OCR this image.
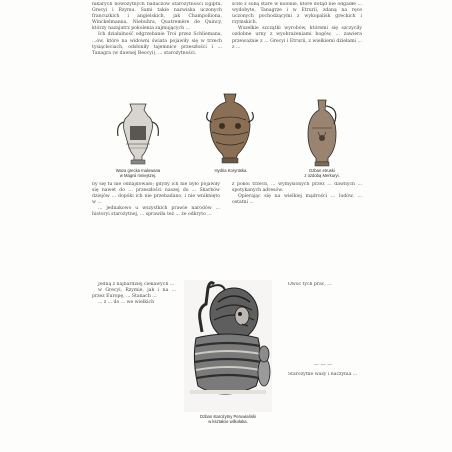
nikarych nowożytnych badaczów starożytności Egiptu, Grecyi i Rzymu. Sami takie nazwiska uczonych francuzkich i angielskich, jak Champolliona, Winckelmanna, Niebuhra, Quatremère de Quincy, którzy nazajutrz pokolenia zajmujących ...

Ich działalność odgrzebanie Troi przez Schliemana, ...ów, które na widowni świata pojawiły się w trzech tysiącleciach, odsłoniły tajemnice przeszłości i ... Tanagra (w dawnej Beocyi), ... starożytności.

ściło z sobą stare w kolonie, które dotąd nie odgadłe ... wydobyte, Tanagrze i w Etrurii, zdaną na ręce uczonych pochodzącymi z wykopalisk greckich i rzymskich.

Wszelkie szczątki wyrobów, któremi się szczyciły ozdobne urny z wyobrażeniami bogów, ... zawiera przeważnie z ... Grecyi i Etrurii, z wielkiemi dziełami ... z ...

Waza grecka malowana
w Magnii mniejszej.
Hydria Koryntska.	Dzban etruski
z ozdobą Merkuryi.

by się tu nie odnajdowało; gdyby ich nie było pojawiły się nawet do ... przeszłości naszej do ... Skarbów dziejów ... dopóki ich nie przebadano, i nie wniknięto w ...

... jednakowo u wszystkich prawie narodów ... historyi starożytnej, ... sprawiła też ... że odkryto ...

z pokoi trzech, ... wymyślonych przez ... dawnych ... spotykanych adresów.

Opierając się na wielkiej mądrości ... ludów, ... ostatni ...

Dzban starożytny Peruwiański
w kształcie wilkołaka.

Jedną z najbardziej ciekawych ...

w Grecyi, Rzymie, jak i na ... przez Europę, ... Stanach ...

... z ... do ... we wielkich

Owoc tych prac, ...

— — —

Starożytne wazy i naczynia ...
